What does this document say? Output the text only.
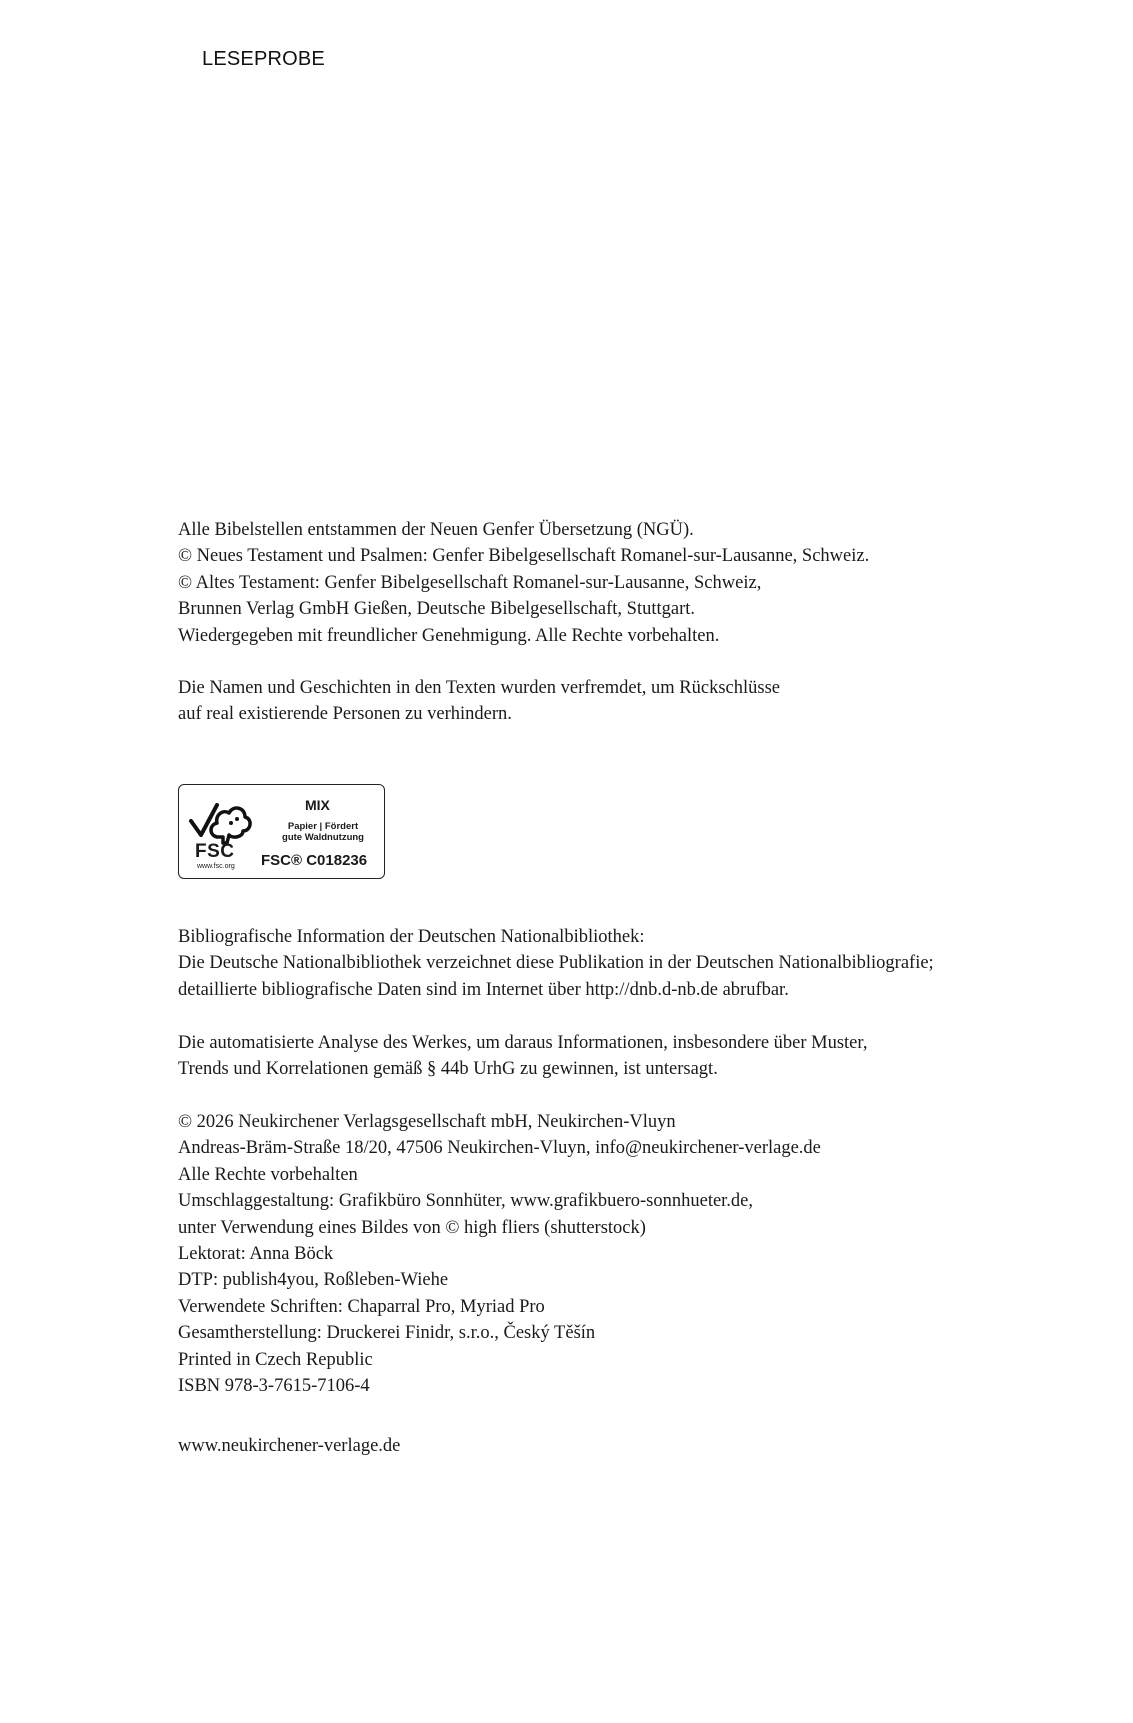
LESEPROBE
Alle Bibelstellen entstammen der Neuen Genfer Übersetzung (NGÜ).
© Neues Testament und Psalmen: Genfer Bibelgesellschaft Romanel-sur-Lausanne, Schweiz.
© Altes Testament: Genfer Bibelgesellschaft Romanel-sur-Lausanne, Schweiz,
Brunnen Verlag GmbH Gießen, Deutsche Bibelgesellschaft, Stuttgart.
Wiedergegeben mit freundlicher Genehmigung. Alle Rechte vorbehalten.
Die Namen und Geschichten in den Texten wurden verfremdet, um Rückschlüsse
auf real existierende Personen zu verhindern.
FSC
www.fsc.org
MIX
Papier | Fördert
gute Waldnutzung
FSC® C018236
Bibliografische Information der Deutschen Nationalbibliothek:
Die Deutsche Nationalbibliothek verzeichnet diese Publikation in der Deutschen Nationalbibliografie;
detaillierte bibliografische Daten sind im Internet über http://dnb.d-nb.de abrufbar.
Die automatisierte Analyse des Werkes, um daraus Informationen, insbesondere über Muster,
Trends und Korrelationen gemäß § 44b UrhG zu gewinnen, ist untersagt.
© 2026 Neukirchener Verlagsgesellschaft mbH, Neukirchen-Vluyn
Andreas-Bräm-Straße 18/20, 47506 Neukirchen-Vluyn, info@neukirchener-verlage.de
Alle Rechte vorbehalten
Umschlaggestaltung: Grafikbüro Sonnhüter, www.grafikbuero-sonnhueter.de,
unter Verwendung eines Bildes von © high fliers (shutterstock)
Lektorat: Anna Böck
DTP: publish4you, Roßleben-Wiehe
Verwendete Schriften: Chaparral Pro, Myriad Pro
Gesamtherstellung: Druckerei Finidr, s.r.o., Český Těšín
Printed in Czech Republic
ISBN 978-3-7615-7106-4
www.neukirchener-verlage.de
